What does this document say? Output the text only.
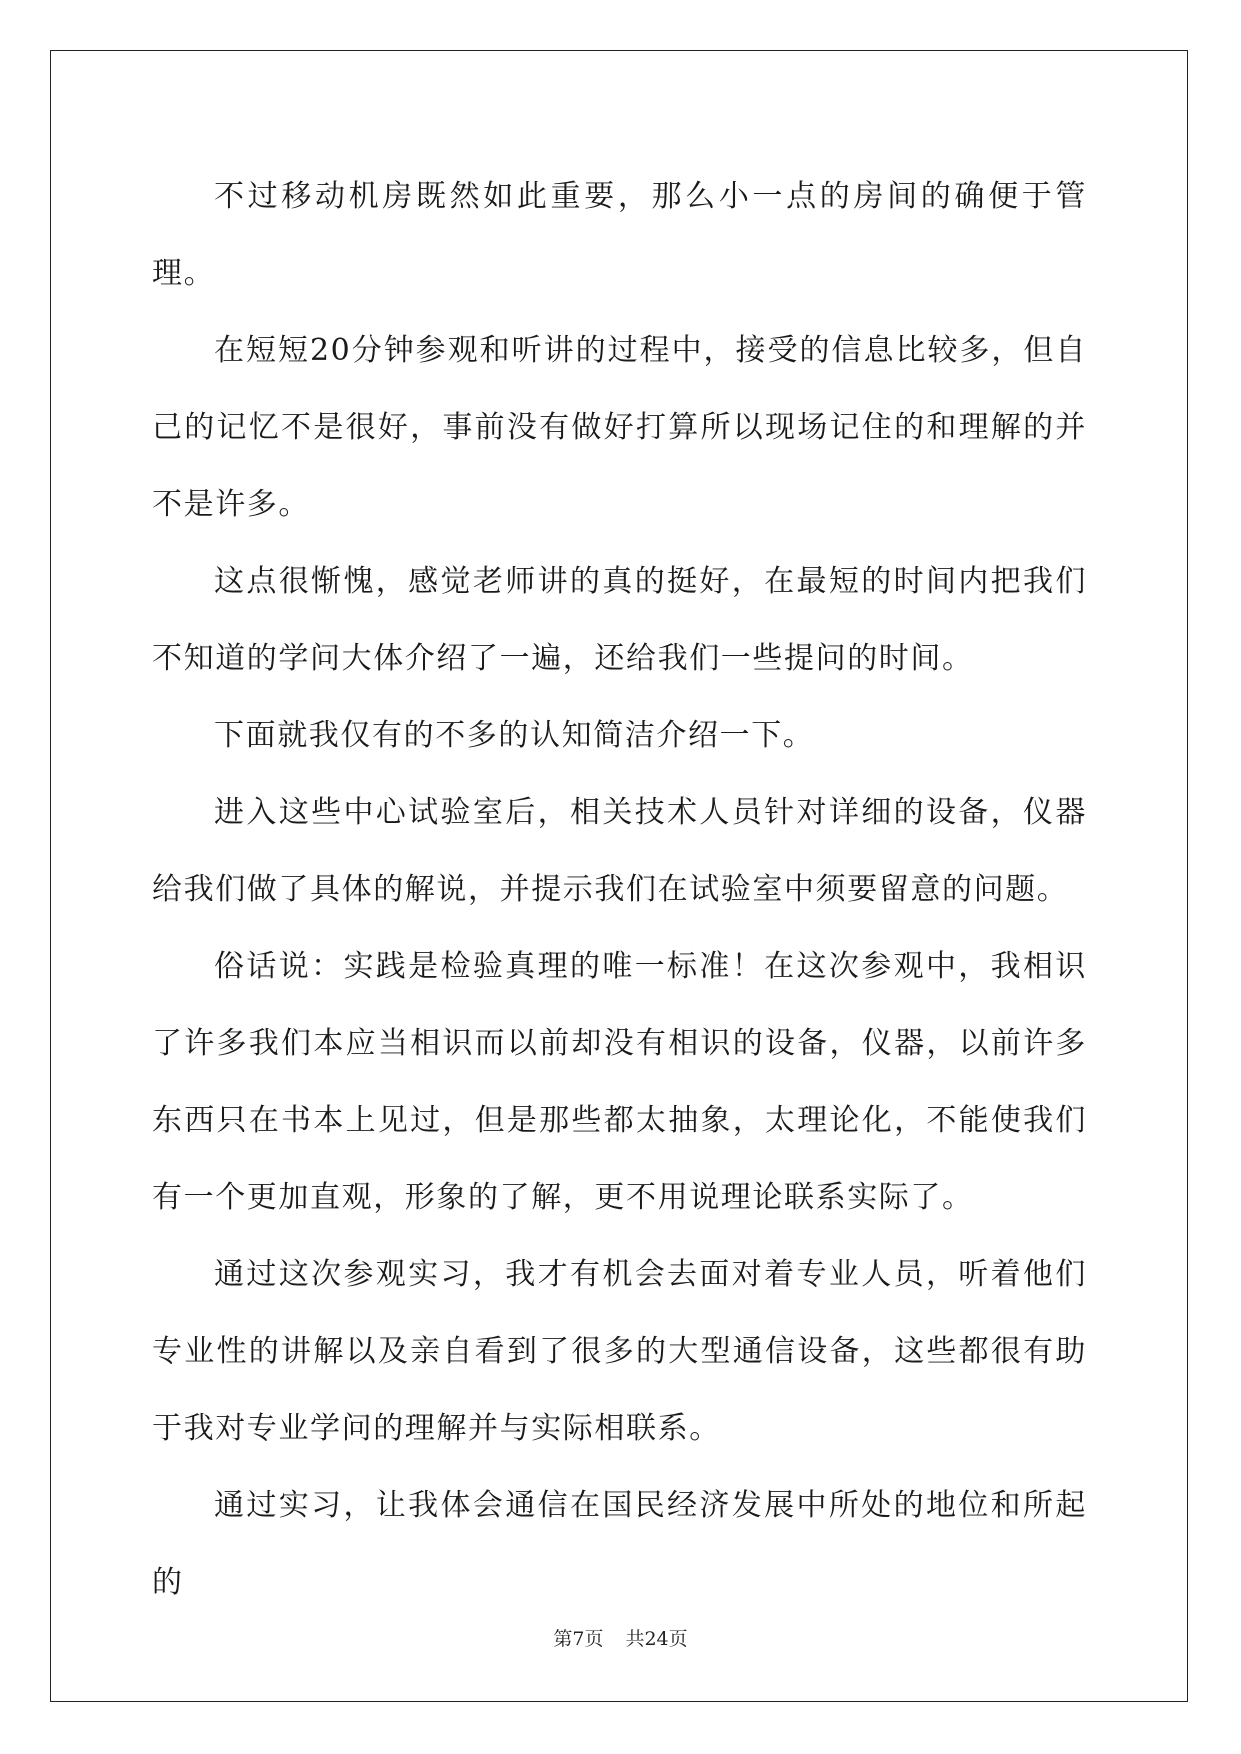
不过移动机房既然如此重要，那么小一点的房间的确便于管理。

在短短20分钟参观和听讲的过程中，接受的信息比较多，但自己的记忆不是很好，事前没有做好打算所以现场记住的和理解的并不是许多。

这点很惭愧，感觉老师讲的真的挺好，在最短的时间内把我们不知道的学问大体介绍了一遍，还给我们一些提问的时间。

下面就我仅有的不多的认知简洁介绍一下。

进入这些中心试验室后，相关技术人员针对详细的设备，仪器给我们做了具体的解说，并提示我们在试验室中须要留意的问题。

俗话说：实践是检验真理的唯一标准！在这次参观中，我相识了许多我们本应当相识而以前却没有相识的设备，仪器，以前许多东西只在书本上见过，但是那些都太抽象，太理论化，不能使我们有一个更加直观，形象的了解，更不用说理论联系实际了。

通过这次参观实习，我才有机会去面对着专业人员，听着他们专业性的讲解以及亲自看到了很多的大型通信设备，这些都很有助于我对专业学问的理解并与实际相联系。

通过实习，让我体会通信在国民经济发展中所处的地位和所起的

第7页 共24页
